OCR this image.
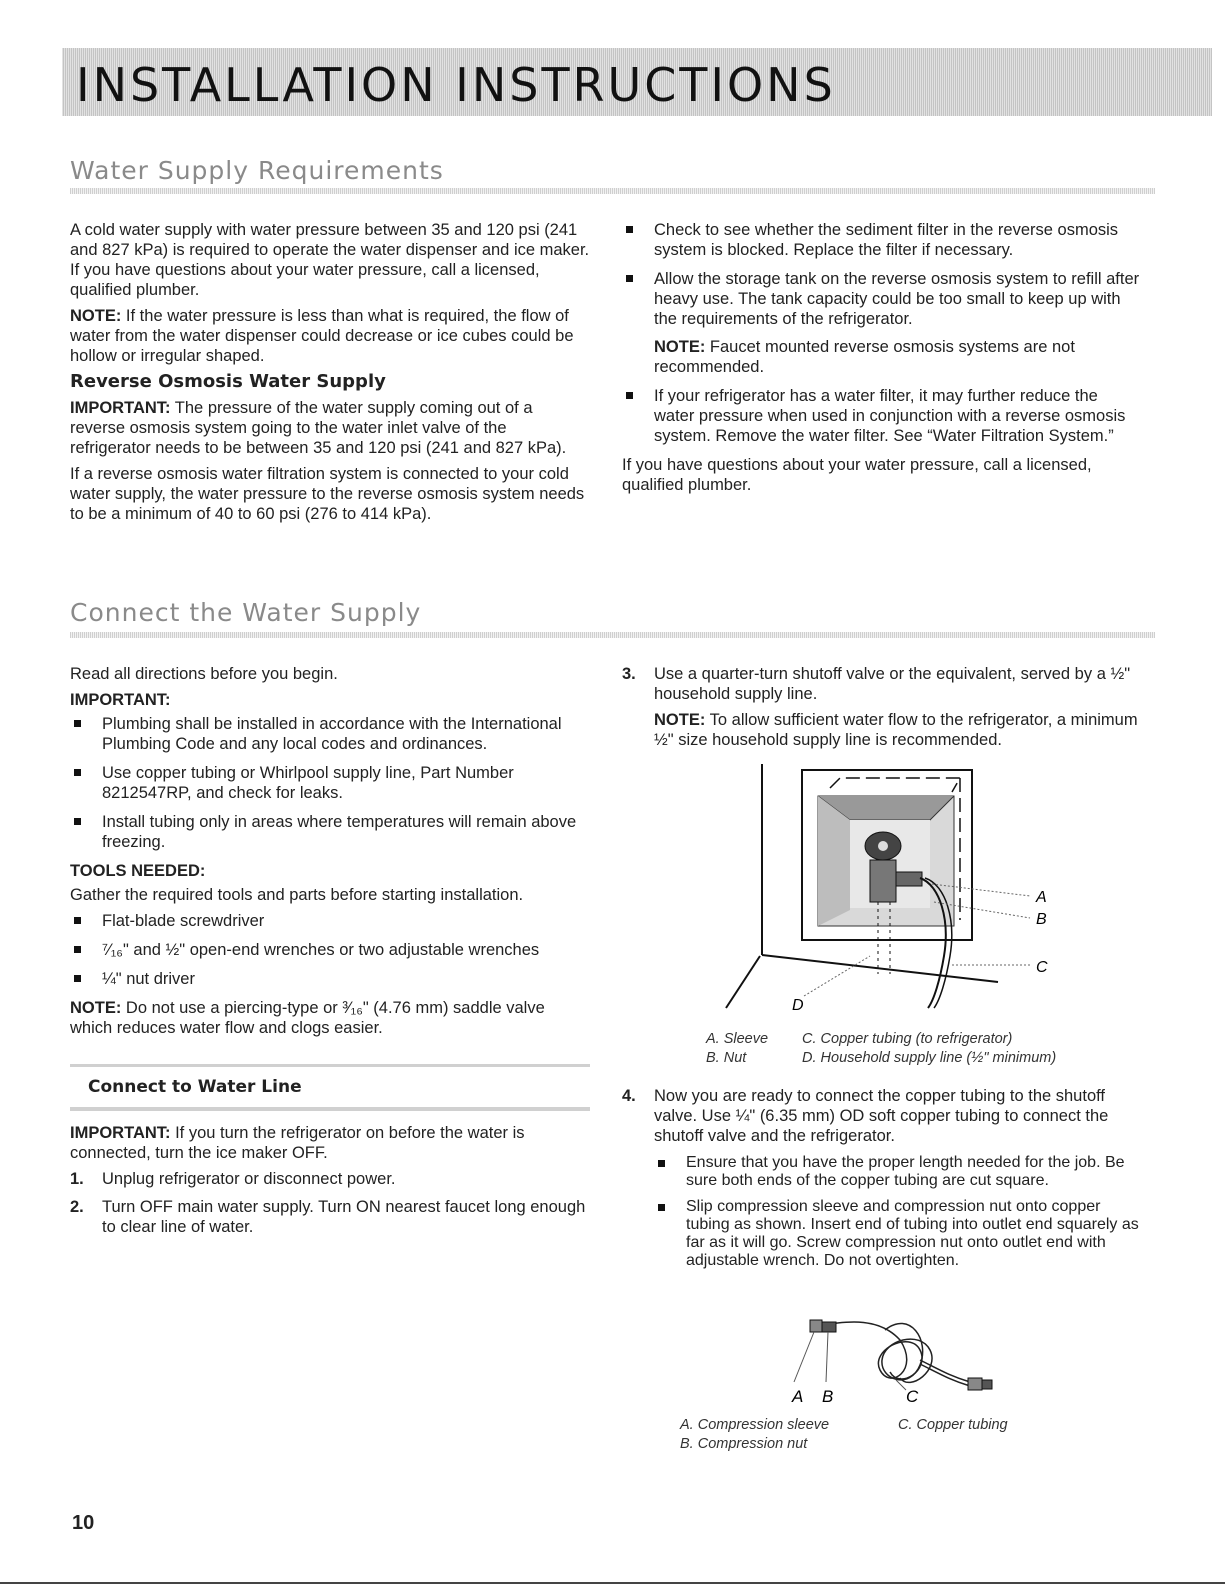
INSTALLATION INSTRUCTIONS
Water Supply Requirements

A cold water supply with water pressure between 35 and 120 psi (241 and 827 kPa) is required to operate the water dispenser and ice maker. If you have questions about your water pressure, call a licensed, qualified plumber.

NOTE: If the water pressure is less than what is required, the flow of water from the water dispenser could decrease or ice cubes could be hollow or irregular shaped.

Reverse Osmosis Water Supply

IMPORTANT: The pressure of the water supply coming out of a reverse osmosis system going to the water inlet valve of the refrigerator needs to be between 35 and 120 psi (241 and 827 kPa).

If a reverse osmosis water filtration system is connected to your cold water supply, the water pressure to the reverse osmosis system needs to be a minimum of 40 to 60 psi (276 to 414 kPa).

Check to see whether the sediment filter in the reverse osmosis system is blocked. Replace the filter if necessary.
Allow the storage tank on the reverse osmosis system to refill after heavy use. The tank capacity could be too small to keep up with the requirements of the refrigerator.

NOTE: Faucet mounted reverse osmosis systems are not recommended.

If your refrigerator has a water filter, it may further reduce the water pressure when used in conjunction with a reverse osmosis system. Remove the water filter. See “Water Filtration System.”

If you have questions about your water pressure, call a licensed, qualified plumber.

Connect the Water Supply

Read all directions before you begin.

IMPORTANT:
Plumbing shall be installed in accordance with the International Plumbing Code and any local codes and ordinances.
Use copper tubing or Whirlpool supply line, Part Number 8212547RP, and check for leaks.
Install tubing only in areas where temperatures will remain above freezing.
TOOLS NEEDED:

Gather the required tools and parts before starting installation.

Flat-blade screwdriver
⁷⁄₁₆" and ½" open-end wrenches or two adjustable wrenches
¼" nut driver

NOTE: Do not use a piercing-type or ³⁄₁₆" (4.76 mm) saddle valve which reduces water flow and clogs easier.

Connect to Water Line

IMPORTANT: If you turn the refrigerator on before the water is connected, turn the ice maker OFF.

1. Unplug refrigerator or disconnect power.
2. Turn OFF main water supply. Turn ON nearest faucet long enough to clear line of water.
3. Use a quarter-turn shutoff valve or the equivalent, served by a ½" household supply line.

NOTE: To allow sufficient water flow to the refrigerator, a minimum ½" size household supply line is recommended.

A
B
C
D
A. Sleeve	C. Copper tubing (to refrigerator)
B. Nut	D. Household supply line (½" minimum)
4. Now you are ready to connect the copper tubing to the shutoff valve. Use ¼" (6.35 mm) OD soft copper tubing to connect the shutoff valve and the refrigerator.
Ensure that you have the proper length needed for the job. Be sure both ends of the copper tubing are cut square.
Slip compression sleeve and compression nut onto copper tubing as shown. Insert end of tubing into outlet end squarely as far as it will go. Screw compression nut onto outlet end with adjustable wrench. Do not overtighten.
A B	C
A. Compression sleeve	C. Copper tubing
B. Compression nut
10
